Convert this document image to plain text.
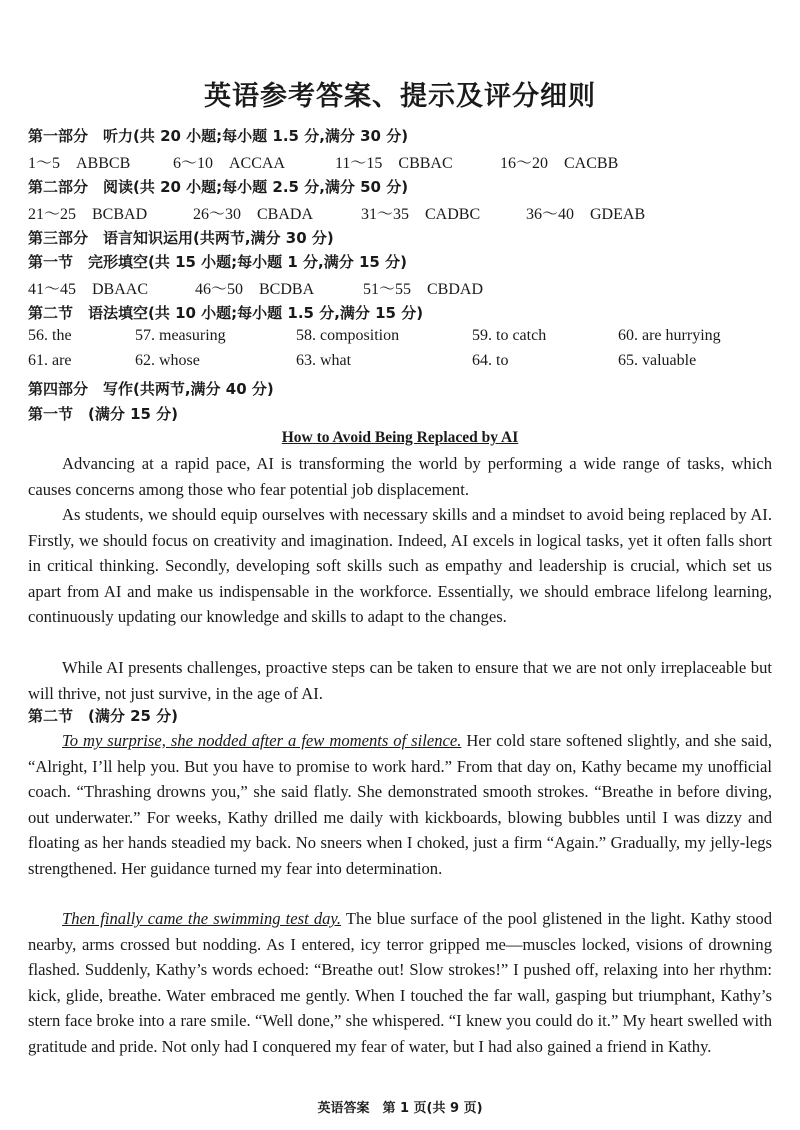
英语参考答案、提示及评分细则
第一部分　听力(共 20 小题;每小题 1.5 分,满分 30 分)
1～5　ABBCB	6～10　ACCAA	11～15　CBBAC	16～20　CACBB
第二部分　阅读(共 20 小题;每小题 2.5 分,满分 50 分)
21～25　BCBAD	26～30　CBADA	31～35　CADBC	36～40　GDEAB
第三部分　语言知识运用(共两节,满分 30 分)
第一节　完形填空(共 15 小题;每小题 1 分,满分 15 分)
41～45　DBAAC	46～50　BCDBA	51～55　CBDAD
第二节　语法填空(共 10 小题;每小题 1.5 分,满分 15 分)
56. the	57. measuring	58. composition	59. to catch	60. are hurrying
61. are	62. whose	63. what	64. to	65. valuable
第四部分　写作(共两节,满分 40 分)
第一节　(满分 15 分)
How to Avoid Being Replaced by AI

Advancing at a rapid pace, AI is transforming the world by performing a wide range of tasks, which causes concerns among those who fear potential job displacement.

As students, we should equip ourselves with necessary skills and a mindset to avoid being replaced by AI. Firstly, we should focus on creativity and imagination. Indeed, AI excels in logical tasks, yet it often falls short in critical thinking. Secondly, developing soft skills such as empathy and leadership is crucial, which set us apart from AI and make us indispensable in the workforce. Essentially, we should embrace lifelong learning, continuously updating our knowledge and skills to adapt to the changes.

While AI presents challenges, proactive steps can be taken to ensure that we are not only irreplaceable but will thrive, not just survive, in the age of AI.

第二节　(满分 25 分)

To my surprise, she nodded after a few moments of silence. Her cold stare softened slightly, and she said, “Alright, I’ll help you. But you have to promise to work hard.” From that day on, Kathy became my unofficial coach. “Thrashing drowns you,” she said flatly. She demonstrated smooth strokes. “Breathe in before diving, out underwater.” For weeks, Kathy drilled me daily with kickboards, blowing bubbles until I was dizzy and floating as her hands steadied my back. No sneers when I choked, just a firm “Again.” Gradually, my jelly-legs strengthened. Her guidance turned my fear into determination.

Then finally came the swimming test day. The blue surface of the pool glistened in the light. Kathy stood nearby, arms crossed but nodding. As I entered, icy terror gripped me—muscles locked, visions of drowning flashed. Suddenly, Kathy’s words echoed: “Breathe out! Slow strokes!” I pushed off, relaxing into her rhythm: kick, glide, breathe. Water embraced me gently. When I touched the far wall, gasping but triumphant, Kathy’s stern face broke into a rare smile. “Well done,” she whispered. “I knew you could do it.” My heart swelled with gratitude and pride. Not only had I conquered my fear of water, but I had also gained a friend in Kathy.

英语答案　第 1 页(共 9 页)
